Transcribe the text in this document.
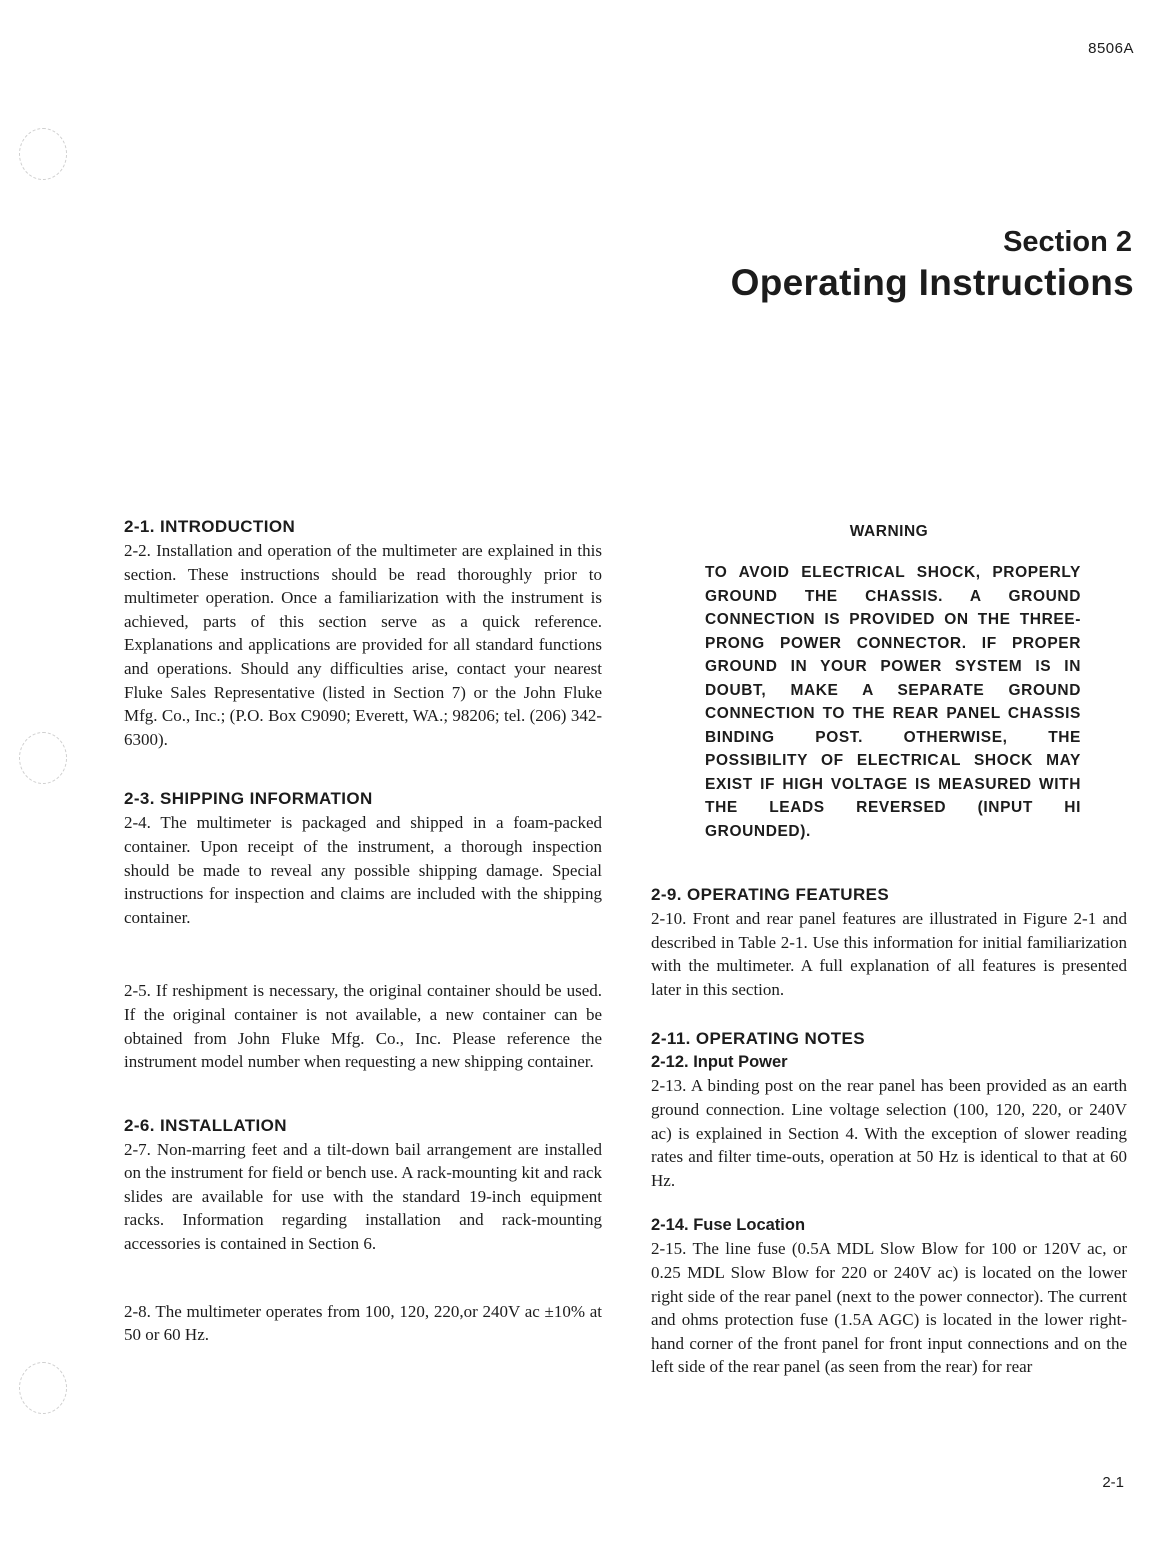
8506A
Section 2
Operating Instructions
2-1. INTRODUCTION

2-2. Installation and operation of the multimeter are explained in this section. These instructions should be read thoroughly prior to multimeter operation. Once a familiarization with the instrument is achieved, parts of this section serve as a quick reference. Explanations and applications are provided for all standard functions and operations. Should any difficulties arise, contact your nearest Fluke Sales Representative (listed in Section 7) or the John Fluke Mfg. Co., Inc.; (P.O. Box C9090; Everett, WA.; 98206; tel. (206) 342-6300).

2-3. SHIPPING INFORMATION

2-4. The multimeter is packaged and shipped in a foam-packed container. Upon receipt of the instrument, a thorough inspection should be made to reveal any possible shipping damage. Special instructions for inspection and claims are included with the shipping container.

2-5. If reshipment is necessary, the original container should be used. If the original container is not available, a new container can be obtained from John Fluke Mfg. Co., Inc. Please reference the instrument model number when requesting a new shipping container.

2-6. INSTALLATION

2-7. Non-marring feet and a tilt-down bail arrangement are installed on the instrument for field or bench use. A rack-mounting kit and rack slides are available for use with the standard 19-inch equipment racks. Information regarding installation and rack-mounting accessories is contained in Section 6.

2-8. The multimeter operates from 100, 120, 220,or 240V ac ±10% at 50 or 60 Hz.

WARNING

TO AVOID ELECTRICAL SHOCK, PROPERLY GROUND THE CHASSIS. A GROUND CONNECTION IS PROVIDED ON THE THREE-PRONG POWER CONNECTOR. IF PROPER GROUND IN YOUR POWER SYSTEM IS IN DOUBT, MAKE A SEPARATE GROUND CONNECTION TO THE REAR PANEL CHASSIS BINDING POST. OTHERWISE, THE POSSIBILITY OF ELECTRICAL SHOCK MAY EXIST IF HIGH VOLTAGE IS MEASURED WITH THE LEADS REVERSED (INPUT HI GROUNDED).

2-9. OPERATING FEATURES

2-10. Front and rear panel features are illustrated in Figure 2-1 and described in Table 2-1. Use this information for initial familiarization with the multimeter. A full explanation of all features is presented later in this section.

2-11. OPERATING NOTES
2-12. Input Power

2-13. A binding post on the rear panel has been provided as an earth ground connection. Line voltage selection (100, 120, 220, or 240V ac) is explained in Section 4. With the exception of slower reading rates and filter time-outs, operation at 50 Hz is identical to that at 60 Hz.

2-14. Fuse Location

2-15. The line fuse (0.5A MDL Slow Blow for 100 or 120V ac, or 0.25 MDL Slow Blow for 220 or 240V ac) is located on the lower right side of the rear panel (next to the power connector). The current and ohms protection fuse (1.5A AGC) is located in the lower right-hand corner of the front panel for front input connections and on the left side of the rear panel (as seen from the rear) for rear

2-1
